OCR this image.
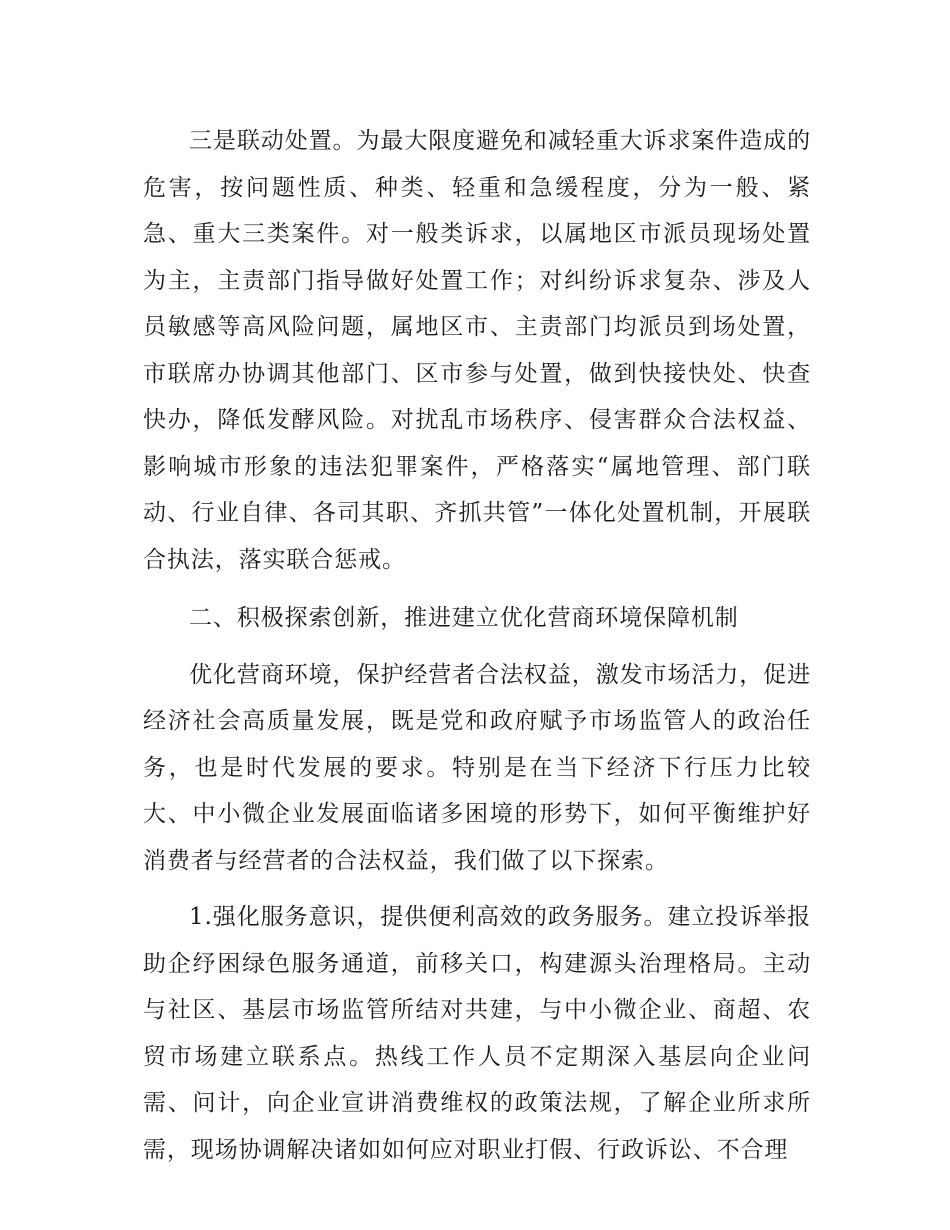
三是联动处置。为最大限度避免和减轻重大诉求案件造成的危害，按问题性质、种类、轻重和急缓程度，分为一般、紧急、重大三类案件。对一般类诉求，以属地区市派员现场处置为主，主责部门指导做好处置工作；对纠纷诉求复杂、涉及人员敏感等高风险问题，属地区市、主责部门均派员到场处置，市联席办协调其他部门、区市参与处置，做到快接快处、快查快办，降低发酵风险。对扰乱市场秩序、侵害群众合法权益、影响城市形象的违法犯罪案件，严格落实“属地管理、部门联动、行业自律、各司其职、齐抓共管”一体化处置机制，开展联合执法，落实联合惩戒。

二、积极探索创新，推进建立优化营商环境保障机制

优化营商环境，保护经营者合法权益，激发市场活力，促进经济社会高质量发展，既是党和政府赋予市场监管人的政治任务，也是时代发展的要求。特别是在当下经济下行压力比较大、中小微企业发展面临诸多困境的形势下，如何平衡维护好消费者与经营者的合法权益，我们做了以下探索。

1.强化服务意识，提供便利高效的政务服务。建立投诉举报助企纾困绿色服务通道，前移关口，构建源头治理格局。主动与社区、基层市场监管所结对共建，与中小微企业、商超、农贸市场建立联系点。热线工作人员不定期深入基层向企业问需、问计，向企业宣讲消费维权的政策法规，了解企业所求所需，现场协调解决诸如如何应对职业打假、行政诉讼、不合理
